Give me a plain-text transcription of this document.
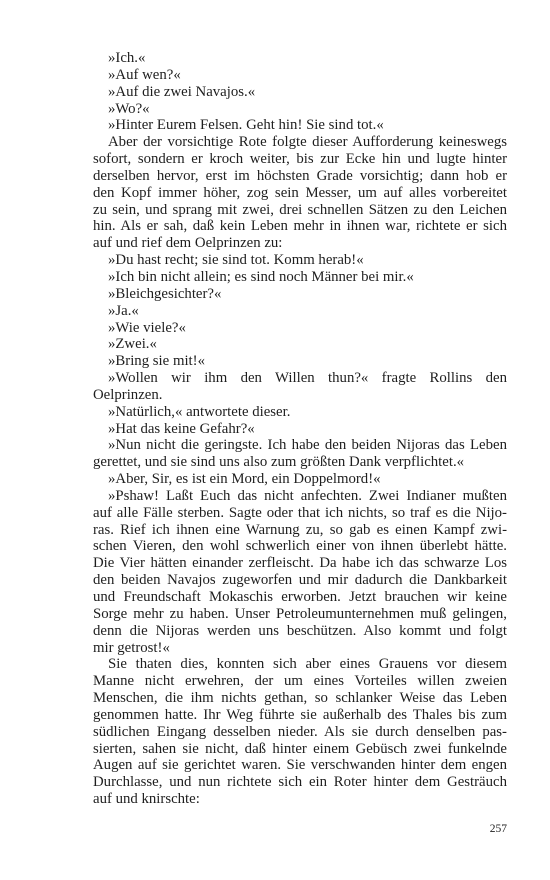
»Ich.«
»Auf wen?«
»Auf die zwei Navajos.«
»Wo?«
»Hinter Eurem Felsen. Geht hin! Sie sind tot.«
Aber der vorsichtige Rote folgte dieser Aufforderung keineswegs
sofort, sondern er kroch weiter, bis zur Ecke hin und lugte hinter
derselben hervor, erst im höchsten Grade vorsichtig; dann hob er
den Kopf immer höher, zog sein Messer, um auf alles vorbereitet
zu sein, und sprang mit zwei, drei schnellen Sätzen zu den Leichen
hin. Als er sah, daß kein Leben mehr in ihnen war, richtete er sich
auf und rief dem Oelprinzen zu:
»Du hast recht; sie sind tot. Komm herab!«
»Ich bin nicht allein; es sind noch Männer bei mir.«
»Bleichgesichter?«
»Ja.«
»Wie viele?«
»Zwei.«
»Bring sie mit!«
»Wollen wir ihm den Willen thun?« fragte Rollins den
Oelprinzen.
»Natürlich,« antwortete dieser.
»Hat das keine Gefahr?«
»Nun nicht die geringste. Ich habe den beiden Nijoras das Leben
gerettet, und sie sind uns also zum größten Dank verpflichtet.«
»Aber, Sir, es ist ein Mord, ein Doppelmord!«
»Pshaw! Laßt Euch das nicht anfechten. Zwei Indianer mußten
auf alle Fälle sterben. Sagte oder that ich nichts, so traf es die Nijo-
ras. Rief ich ihnen eine Warnung zu, so gab es einen Kampf zwi-
schen Vieren, den wohl schwerlich einer von ihnen überlebt hätte.
Die Vier hätten einander zerfleischt. Da habe ich das schwarze Los
den beiden Navajos zugeworfen und mir dadurch die Dankbarkeit
und Freundschaft Mokaschis erworben. Jetzt brauchen wir keine
Sorge mehr zu haben. Unser Petroleumunternehmen muß gelingen,
denn die Nijoras werden uns beschützen. Also kommt und folgt
mir getrost!«
Sie thaten dies, konnten sich aber eines Grauens vor diesem
Manne nicht erwehren, der um eines Vorteiles willen zweien
Menschen, die ihm nichts gethan, so schlanker Weise das Leben
genommen hatte. Ihr Weg führte sie außerhalb des Thales bis zum
südlichen Eingang desselben nieder. Als sie durch denselben pas-
sierten, sahen sie nicht, daß hinter einem Gebüsch zwei funkelnde
Augen auf sie gerichtet waren. Sie verschwanden hinter dem engen
Durchlasse, und nun richtete sich ein Roter hinter dem Gesträuch
auf und knirschte:
257
